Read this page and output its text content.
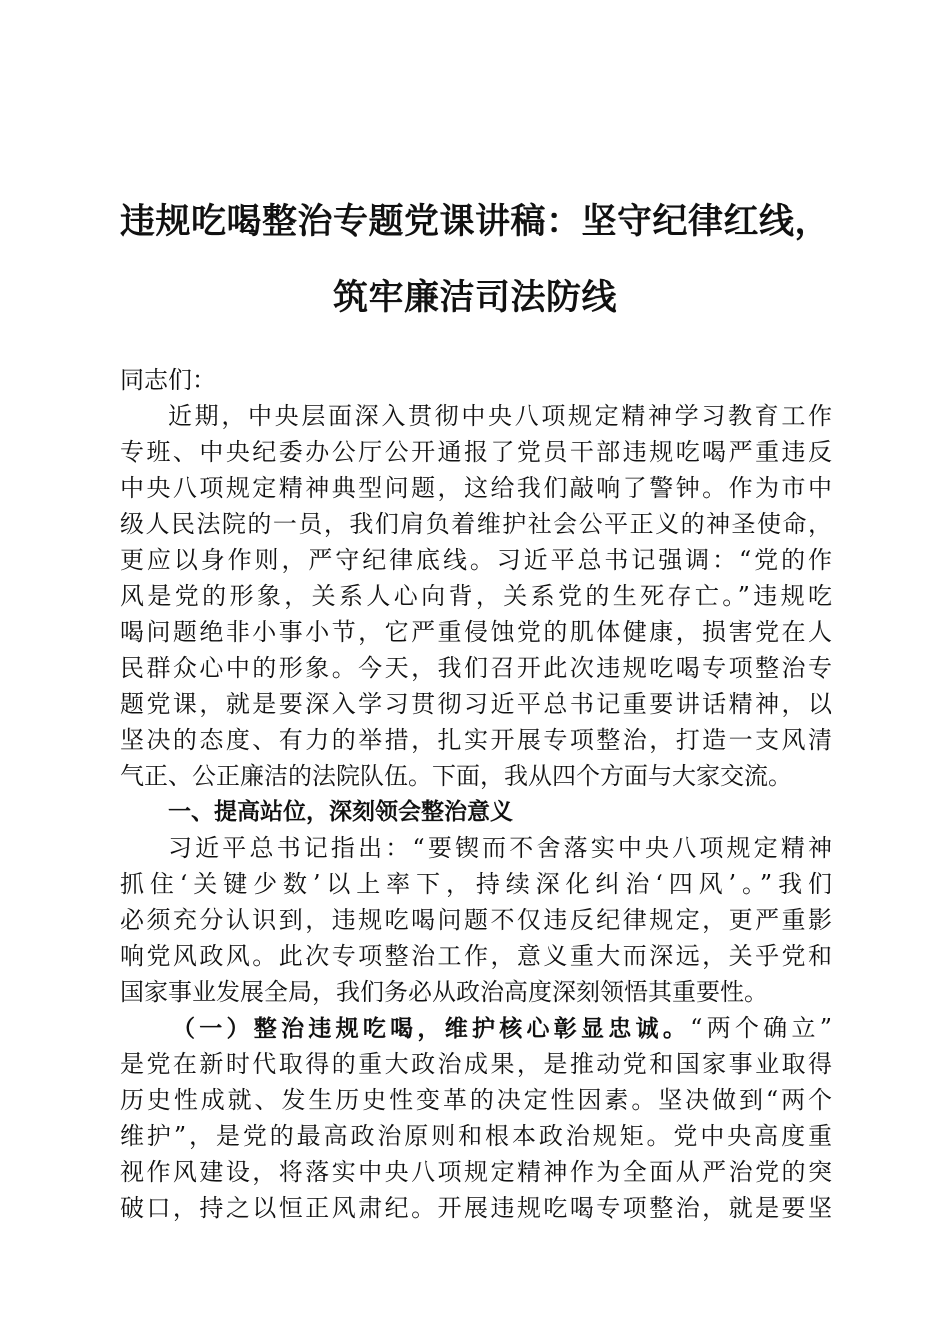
违规吃喝整治专题党课讲稿：坚守纪律红线，
筑牢廉洁司法防线
同志们：
近期，中央层面深入贯彻中央八项规定精神学习教育工作
专班、中央纪委办公厅公开通报了党员干部违规吃喝严重违反
中央八项规定精神典型问题，这给我们敲响了警钟。作为市中
级人民法院的一员，我们肩负着维护社会公平正义的神圣使命，
更应以身作则，严守纪律底线。习近平总书记强调：“党的作
风是党的形象，关系人心向背，关系党的生死存亡。”违规吃
喝问题绝非小事小节，它严重侵蚀党的肌体健康，损害党在人
民群众心中的形象。今天，我们召开此次违规吃喝专项整治专
题党课，就是要深入学习贯彻习近平总书记重要讲话精神，以
坚决的态度、有力的举措，扎实开展专项整治，打造一支风清
气正、公正廉洁的法院队伍。下面，我从四个方面与大家交流。
一、提高站位，深刻领会整治意义
习近平总书记指出：“要锲而不舍落实中央八项规定精神
抓住‘关键少数’以上率下，持续深化纠治‘四风’。”我们
必须充分认识到，违规吃喝问题不仅违反纪律规定，更严重影
响党风政风。此次专项整治工作，意义重大而深远，关乎党和
国家事业发展全局，我们务必从政治高度深刻领悟其重要性。
（一）整治违规吃喝，维护核心彰显忠诚。“两个确立”
是党在新时代取得的重大政治成果，是推动党和国家事业取得
历史性成就、发生历史性变革的决定性因素。坚决做到“两个
维护”，是党的最高政治原则和根本政治规矩。党中央高度重
视作风建设，将落实中央八项规定精神作为全面从严治党的突
破口，持之以恒正风肃纪。开展违规吃喝专项整治，就是要坚
